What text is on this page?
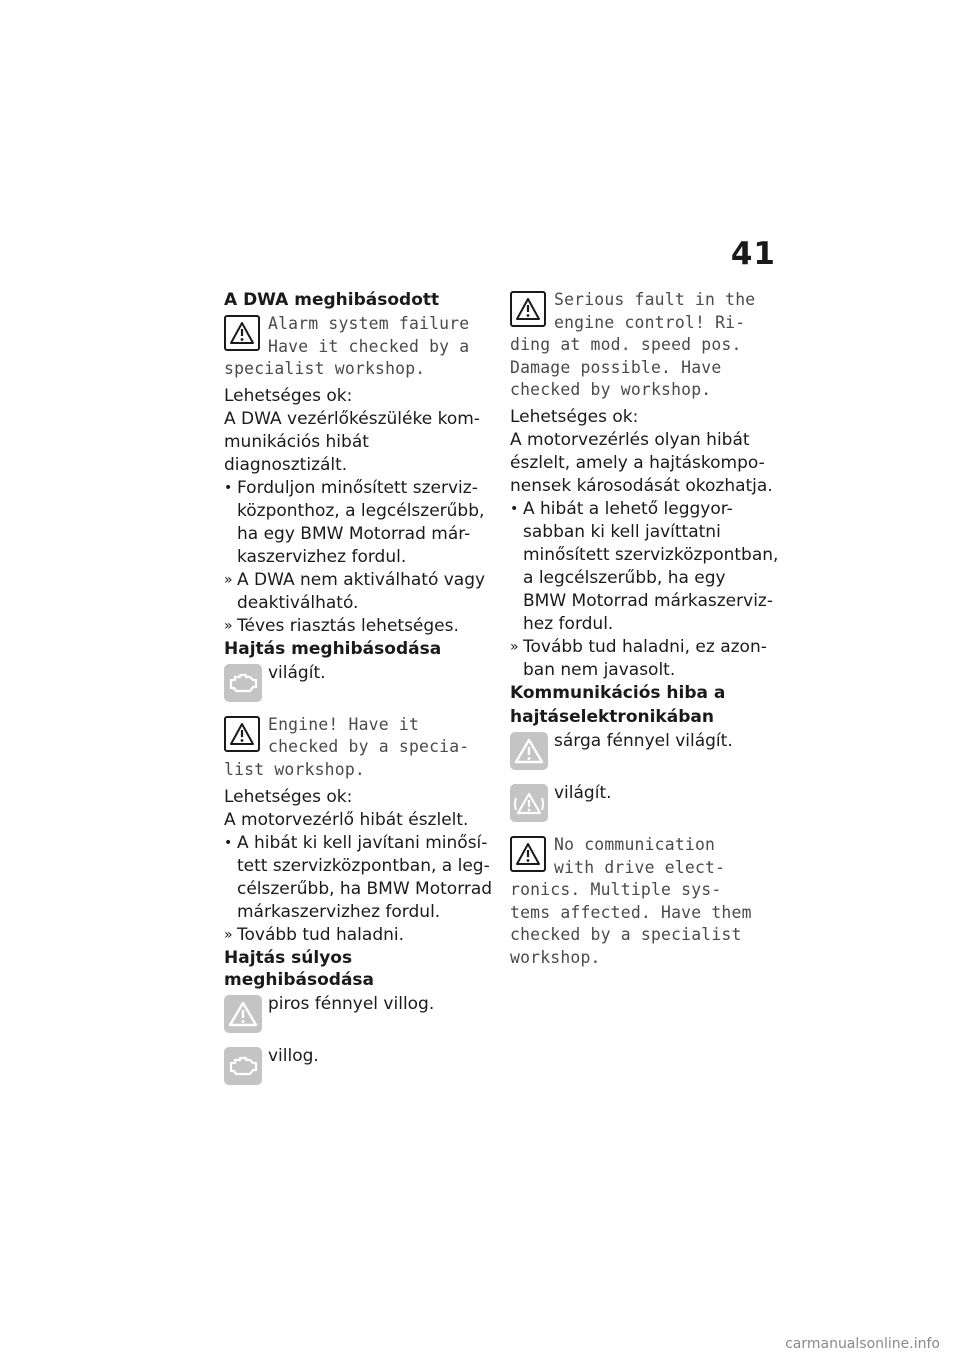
41
A DWA meghibásodott
Alarm system failure
Have it checked by a
specialist workshop.
Lehetséges ok:
A DWA vezérlőkészüléke kom-
munikációs hibát diagnosztizált.
• Forduljon minősített szerviz-
központhoz, a legcélszerűbb,
ha egy BMW Motorrad már-
kaszervizhez fordul.
» A DWA nem aktiválható vagy
deaktiválható.
» Téves riasztás lehetséges.
Hajtás meghibásodása
világít.
Engine! Have it
checked by a specia-
list workshop.
Lehetséges ok:
A motorvezérlő hibát észlelt.
• A hibát ki kell javítani minősí-
tett szervizközpontban, a leg-
célszerűbb, ha BMW Motorrad
márkaszervizhez fordul.
» Tovább tud haladni.
Hajtás súlyos meghibásodása
piros fénnyel villog.
villog.
Serious fault in the
engine control! Ri-
ding at mod. speed pos.
Damage possible. Have
checked by workshop.
Lehetséges ok:
A motorvezérlés olyan hibát
észlelt, amely a hajtáskompo-
nensek károsodását okozhatja.
• A hibát a lehető leggyor-
sabban ki kell javíttatni
minősített szervizközpontban,
a legcélszerűbb, ha egy
BMW Motorrad márkaszerviz-
hez fordul.
» Tovább tud haladni, ez azon-
ban nem javasolt.
Kommunikációs hiba a
hajtáselektronikában
sárga fénnyel világít.
világít.
No communication
with drive elect-
ronics. Multiple sys-
tems affected. Have them
checked by a specialist
workshop.
carmanualsonline.info
